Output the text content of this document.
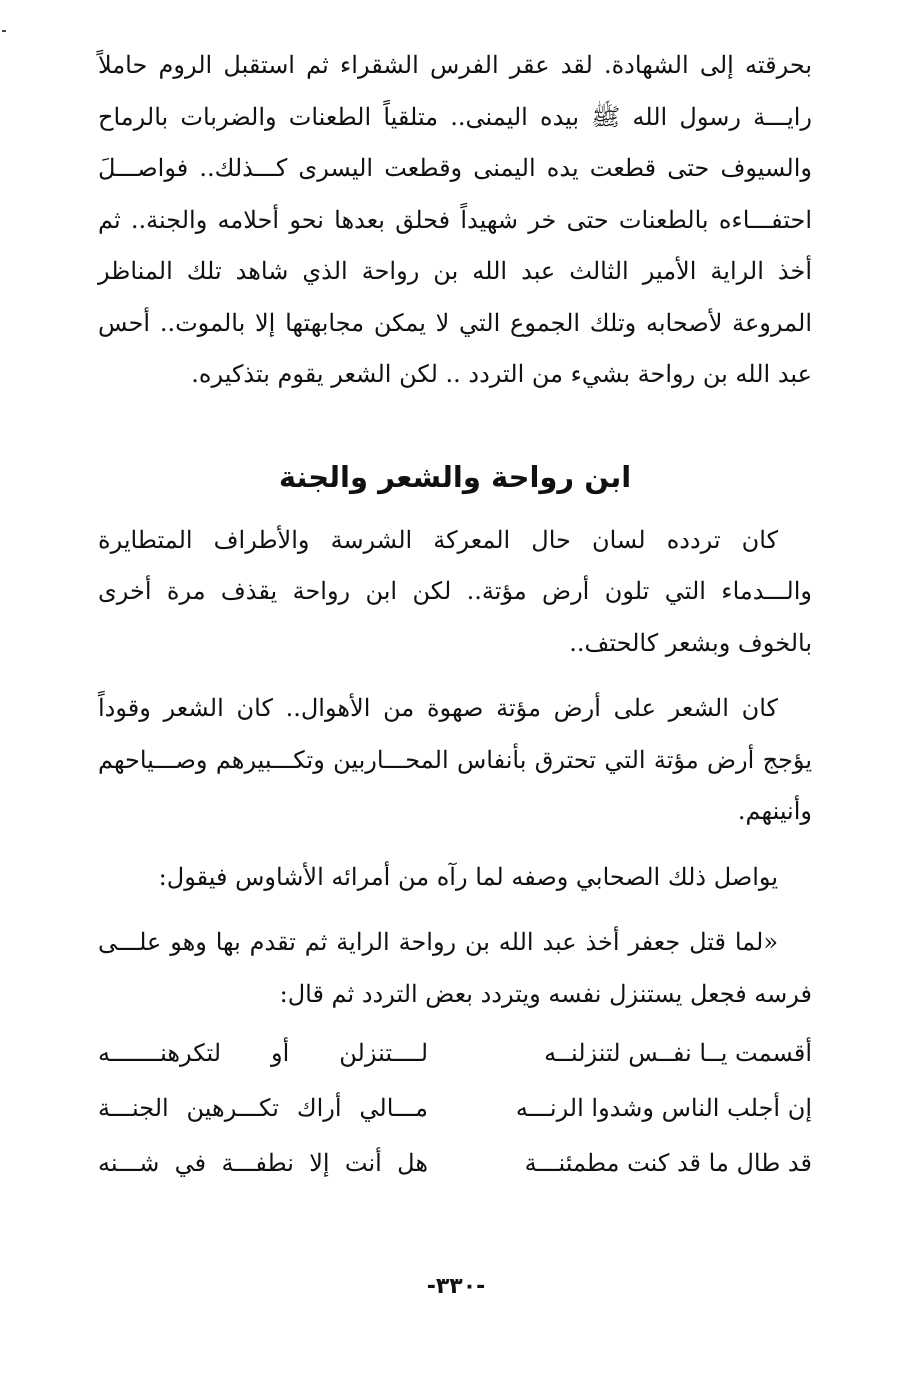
بحرقته إلى الشهادة. لقد عقر الفرس الشقراء ثم استقبل الروم حاملاً رايـــة رسول الله ﷺ بيده اليمنى.. متلقياً الطعنات والضربات بالرماح والسيوف حتى قطعت يده اليمنى وقطعت اليسرى كـــذلك.. فواصـــلَ احتفـــاءه بالطعنات حتى خر شهيداً فحلق بعدها نحو أحلامه والجنة.. ثم أخذ الراية الأمير الثالث عبد الله بن رواحة الذي شاهد تلك المناظر المروعة لأصحابه وتلك الجموع التي لا يمكن مجابهتها إلا بالموت.. أحس عبد الله بن رواحة بشيء من التردد .. لكن الشعر يقوم بتذكيره.

ابن رواحة والشعر والجنة

كان تردده لسان حال المعركة الشرسة والأطراف المتطايرة والـــدماء التي تلون أرض مؤتة.. لكن ابن رواحة يقذف مرة أخرى بالخوف وبشعر كالحتف..

كان الشعر على أرض مؤتة صهوة من الأهوال.. كان الشعر وقوداً يؤجج أرض مؤتة التي تحترق بأنفاس المحـــاربين وتكـــبيرهم وصـــياحهم وأنينهم.

يواصل ذلك الصحابي وصفه لما رآه من أمرائه الأشاوس فيقول:

«لما قتل جعفر أخذ عبد الله بن رواحة الراية ثم تقدم بها وهو علـــى فرسه فجعل يستنزل نفسه ويتردد بعض التردد ثم قال:

أقسمت يــا نفــس لتنزلنــه
لــــتنزلن أو لتكرهنـــــــه
إن أجلب الناس وشدوا الرنـــه
مـــالي أراك تكـــرهين الجنـــة
قد طال ما قد كنت مطمئنـــة
هل أنت إلا نطفـــة في شـــنه
-٣٣٠-
